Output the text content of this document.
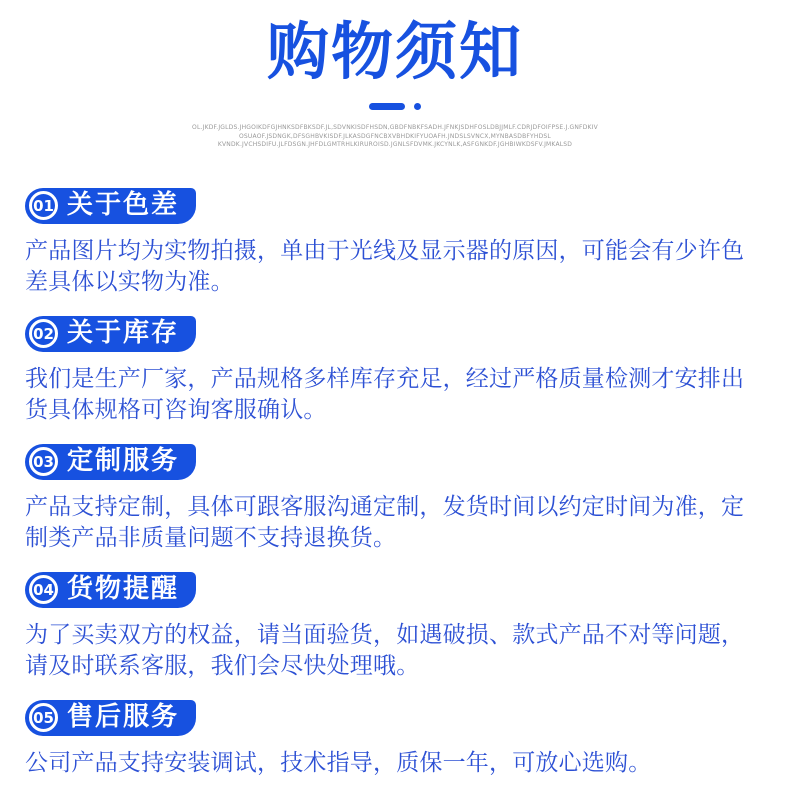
购物须知
OL.JKDF.JGLDS.JHGOIKDFGJHNKSDFBKSDF.JL,SDVNKISDFHSDN,GBDFNBKFSADH.JFNKJSDHFOSLDBJJMLF.CDRJDFOIFPSE.J.GNFDKIV
OSUAOF.JSDNGK,DFSGHBVKISDF.JLKASDGFNCBXVBHDKIFYUOAFH.JNDSLSVNCX,MYNBASDBFYHDSL
KVNDK.JVCHSDIFU.JLFDSGN.JHFDLGMTRHLKIRUROISD.JGNLSFDVMK.JKCYNLK,ASFGNKDF.JGHBIWKDSFV.JMKALSD
01 关于色差
产品图片均为实物拍摄，单由于光线及显示器的原因，可能会有少许色差具体以实物为准。
02 关于库存
我们是生产厂家，产品规格多样库存充足，经过严格质量检测才安排出货具体规格可咨询客服确认。
03 定制服务
产品支持定制，具体可跟客服沟通定制，发货时间以约定时间为准，定制类产品非质量问题不支持退换货。
04 货物提醒
为了买卖双方的权益，请当面验货，如遇破损、款式产品不对等问题，请及时联系客服，我们会尽快处理哦。
05 售后服务
公司产品支持安装调试，技术指导，质保一年，可放心选购。
